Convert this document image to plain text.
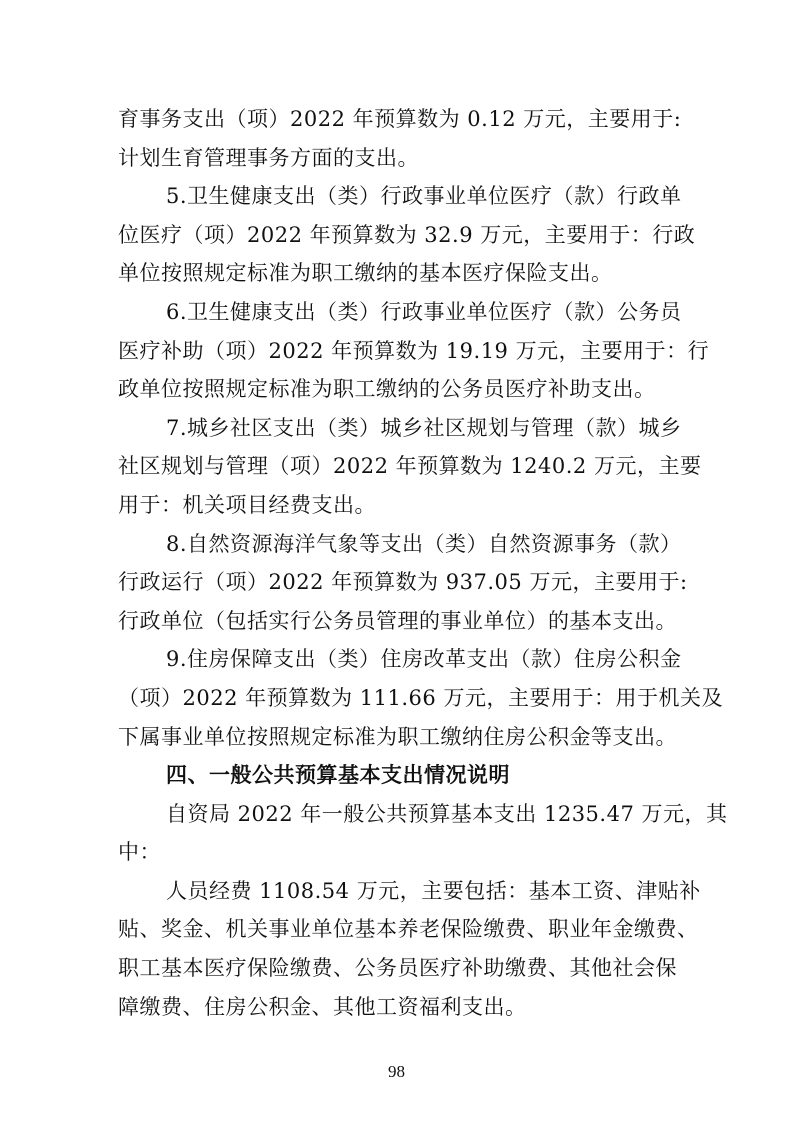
育事务支出（项）2022 年预算数为 0.12 万元，主要用于:
计划生育管理事务方面的支出。
5.卫生健康支出（类）行政事业单位医疗（款）行政单
位医疗（项）2022 年预算数为 32.9 万元，主要用于：行政
单位按照规定标准为职工缴纳的基本医疗保险支出。
6.卫生健康支出（类）行政事业单位医疗（款）公务员
医疗补助（项）2022 年预算数为 19.19 万元，主要用于：行
政单位按照规定标准为职工缴纳的公务员医疗补助支出。
7.城乡社区支出（类）城乡社区规划与管理（款）城乡
社区规划与管理（项）2022 年预算数为 1240.2 万元，主要
用于：机关项目经费支出。
8.自然资源海洋气象等支出（类）自然资源事务（款）
行政运行（项）2022 年预算数为 937.05 万元，主要用于:
行政单位（包括实行公务员管理的事业单位）的基本支出。
9.住房保障支出（类）住房改革支出（款）住房公积金
（项）2022 年预算数为 111.66 万元，主要用于：用于机关及
下属事业单位按照规定标准为职工缴纳住房公积金等支出。
四、一般公共预算基本支出情况说明
自资局 2022 年一般公共预算基本支出 1235.47 万元，其
中：
人员经费 1108.54 万元，主要包括：基本工资、津贴补
贴、奖金、机关事业单位基本养老保险缴费、职业年金缴费、
职工基本医疗保险缴费、公务员医疗补助缴费、其他社会保
障缴费、住房公积金、其他工资福利支出。
98
